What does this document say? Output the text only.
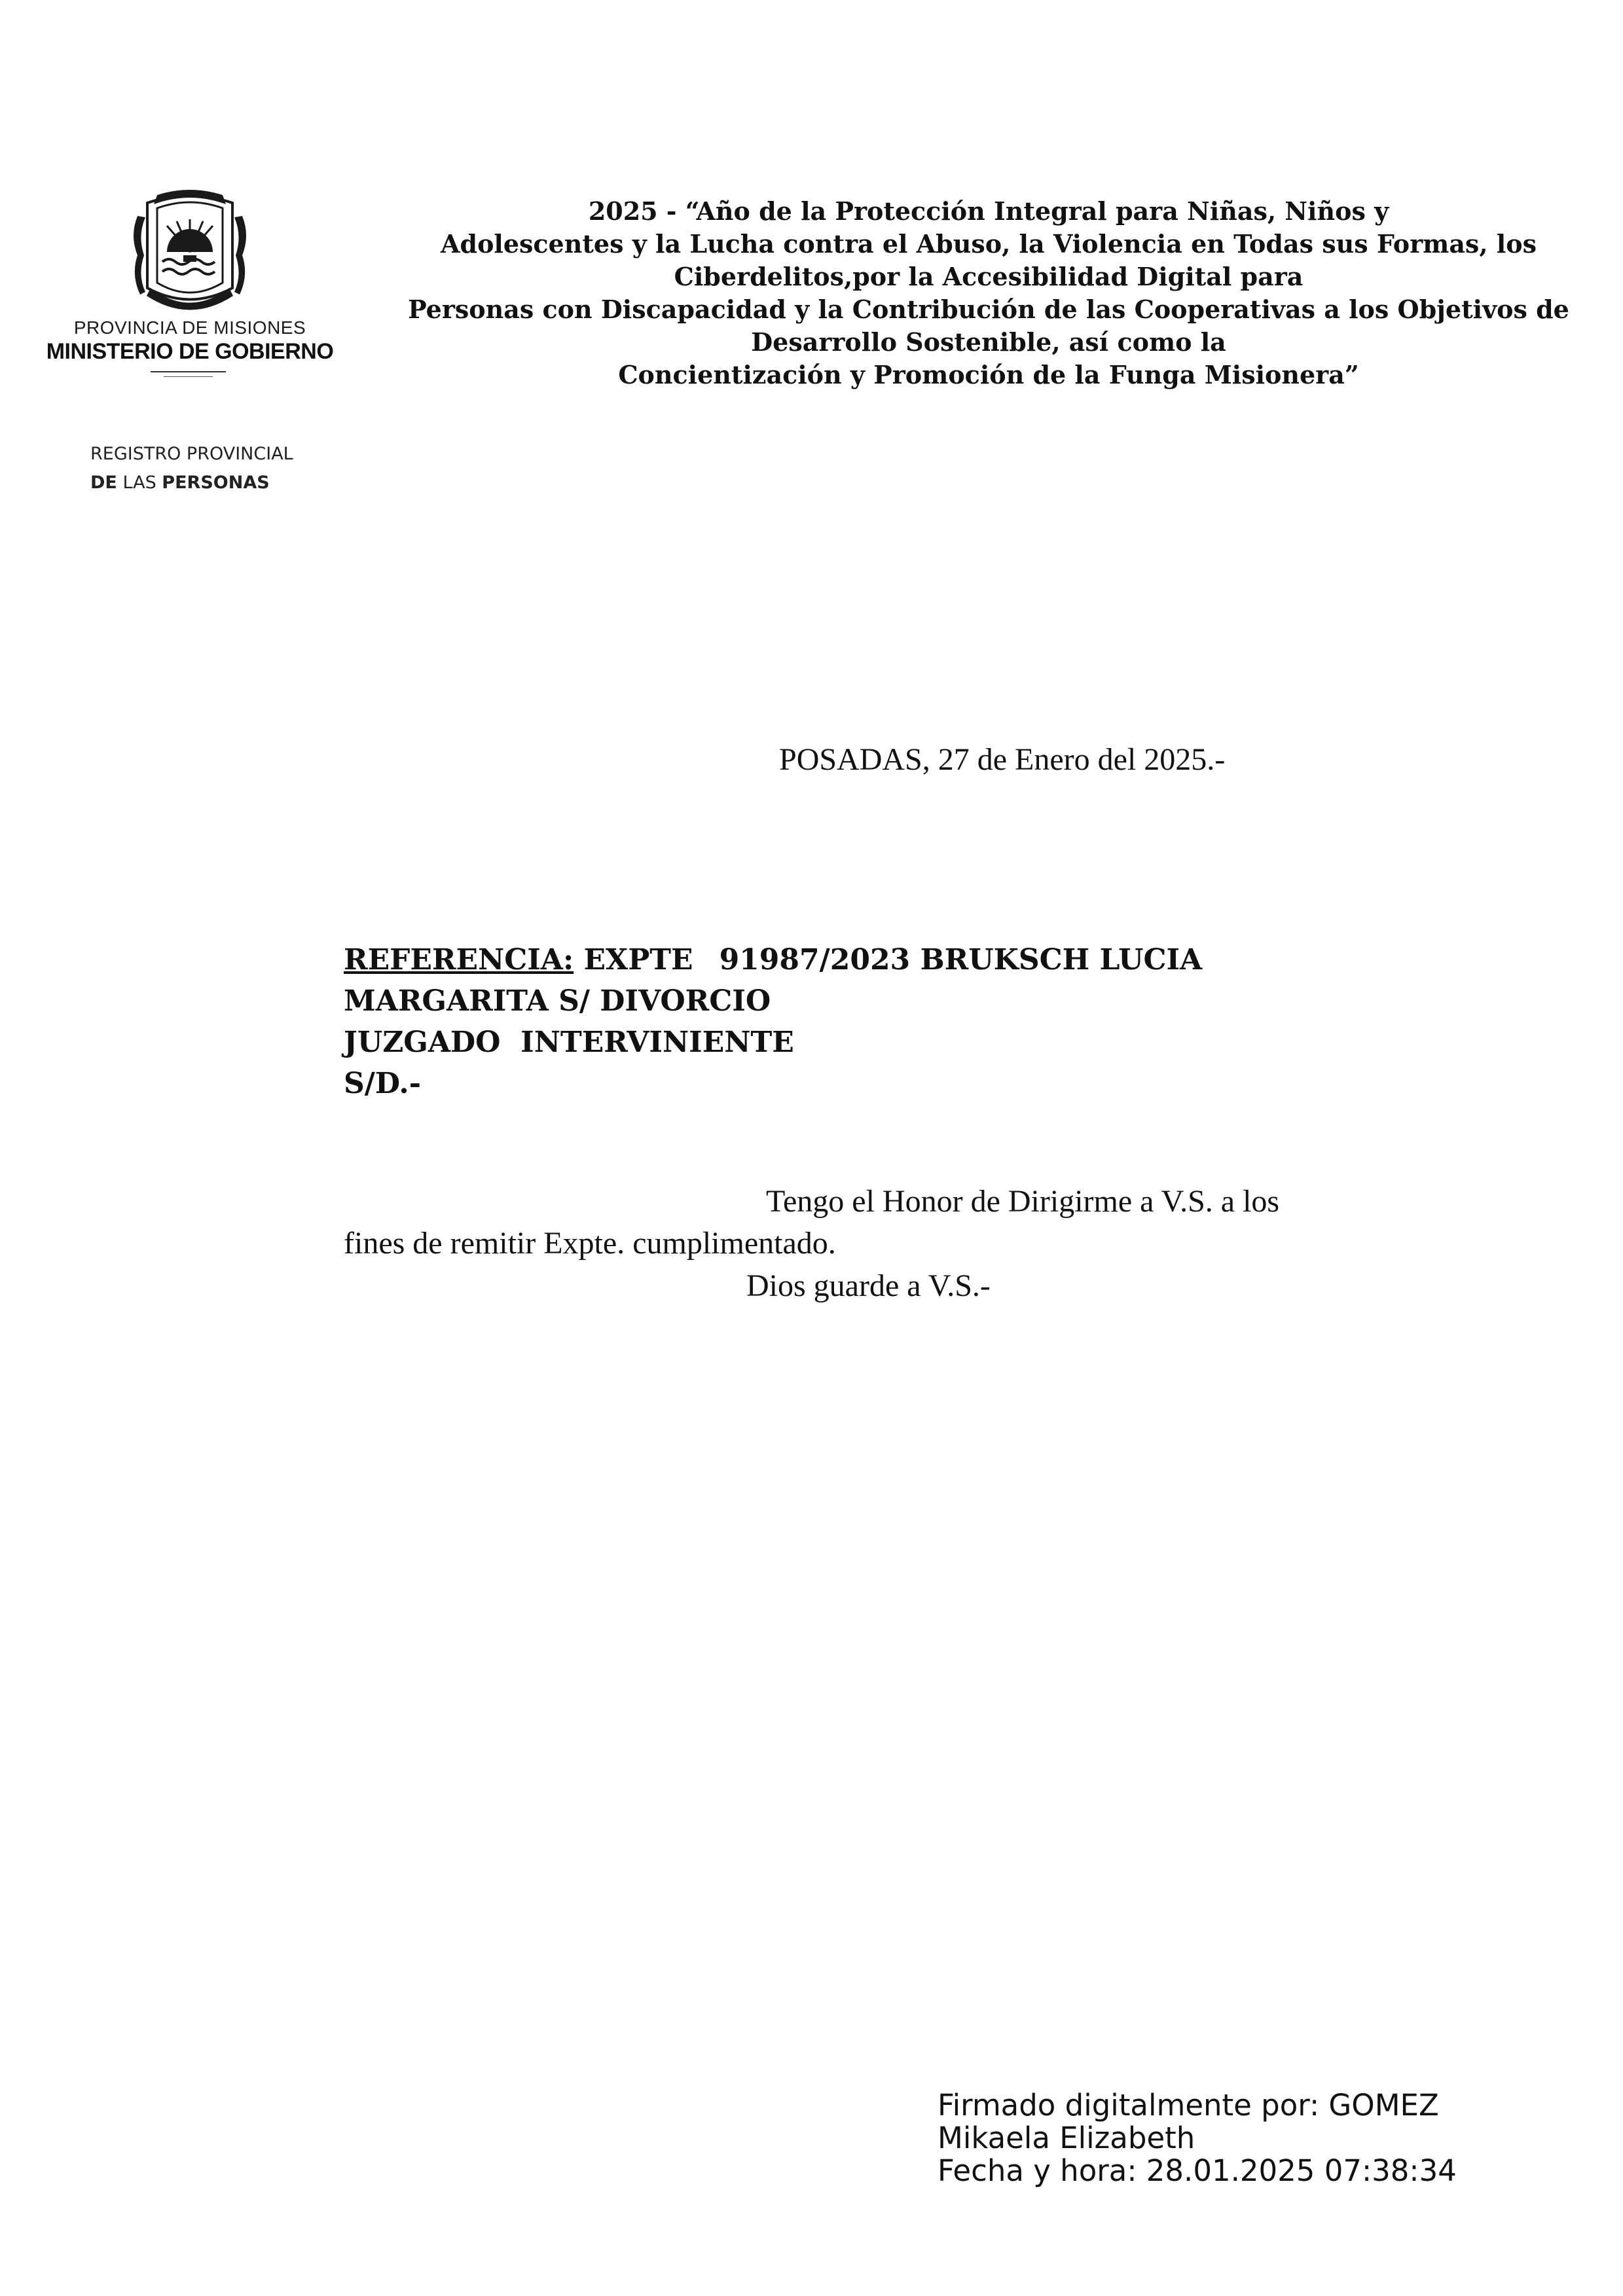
PROVINCIA DE MISIONES
MINISTERIO DE GOBIERNO
2025 - “Año de la Protección Integral para Niñas, Niños y
Adolescentes y la Lucha contra el Abuso, la Violencia en Todas sus Formas, los
Ciberdelitos,por la Accesibilidad Digital para
Personas con Discapacidad y la Contribución de las Cooperativas a los Objetivos de
Desarrollo Sostenible, así como la
Concientización y Promoción de la Funga Misionera”
REGISTRO PROVINCIAL
DE LAS PERSONAS
POSADAS, 27 de Enero del 2025.-
REFERENCIA: EXPTE 91987/2023 BRUKSCH LUCIA
MARGARITA S/ DIVORCIO
JUZGADO  INTERVINIENTE
S/D.-
Tengo el Honor de Dirigirme a V.S. a los
fines de remitir Expte. cumplimentado.
Dios guarde a V.S.-
Firmado digitalmente por: GOMEZ
Mikaela Elizabeth
Fecha y hora: 28.01.2025 07:38:34
